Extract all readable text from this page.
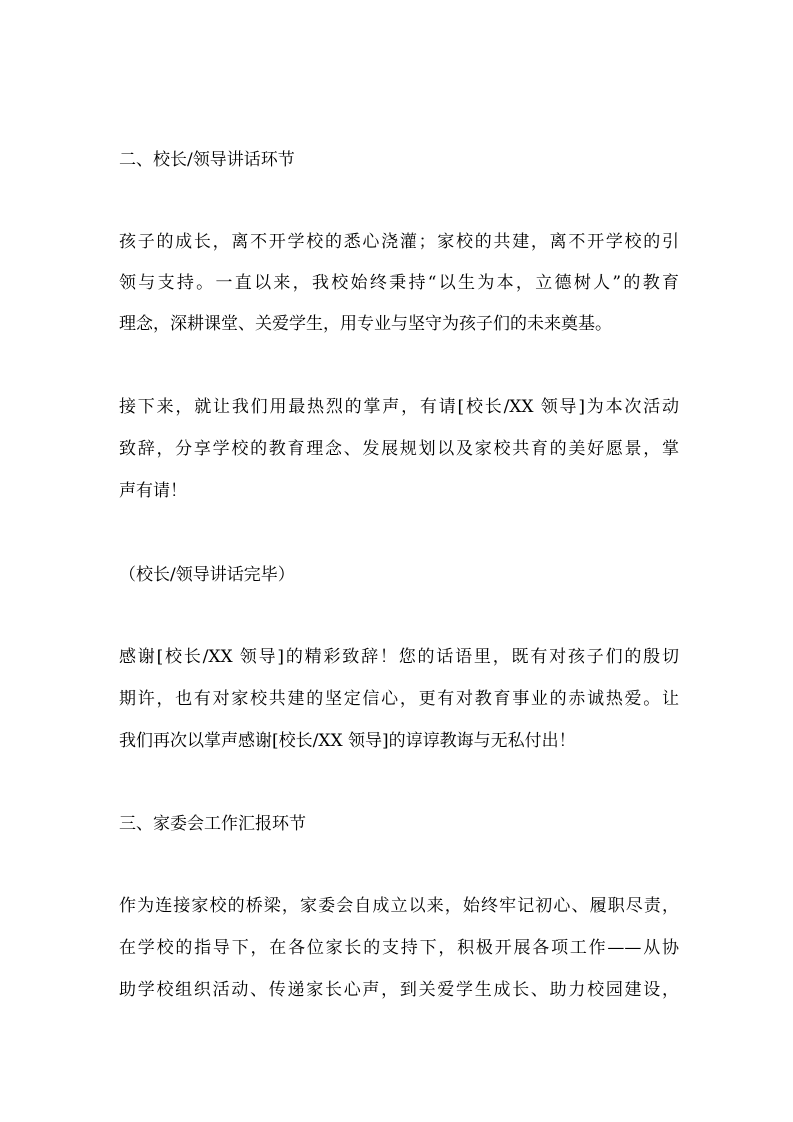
二、校长/领导讲话环节
孩子的成长，离不开学校的悉心浇灌；家校的共建，离不开学校的引
领与支持。一直以来，我校始终秉持“以生为本，立德树人”的教育
理念，深耕课堂、关爱学生，用专业与坚守为孩子们的未来奠基。
接下来，就让我们用最热烈的掌声，有请[校长/XX 领导]为本次活动
致辞，分享学校的教育理念、发展规划以及家校共育的美好愿景，掌
声有请！
（校长/领导讲话完毕）
感谢[校长/XX 领导]的精彩致辞！您的话语里，既有对孩子们的殷切
期许，也有对家校共建的坚定信心，更有对教育事业的赤诚热爱。让
我们再次以掌声感谢[校长/XX 领导]的谆谆教诲与无私付出！
三、家委会工作汇报环节
作为连接家校的桥梁，家委会自成立以来，始终牢记初心、履职尽责，
在学校的指导下，在各位家长的支持下，积极开展各项工作——从协
助学校组织活动、传递家长心声，到关爱学生成长、助力校园建设，
